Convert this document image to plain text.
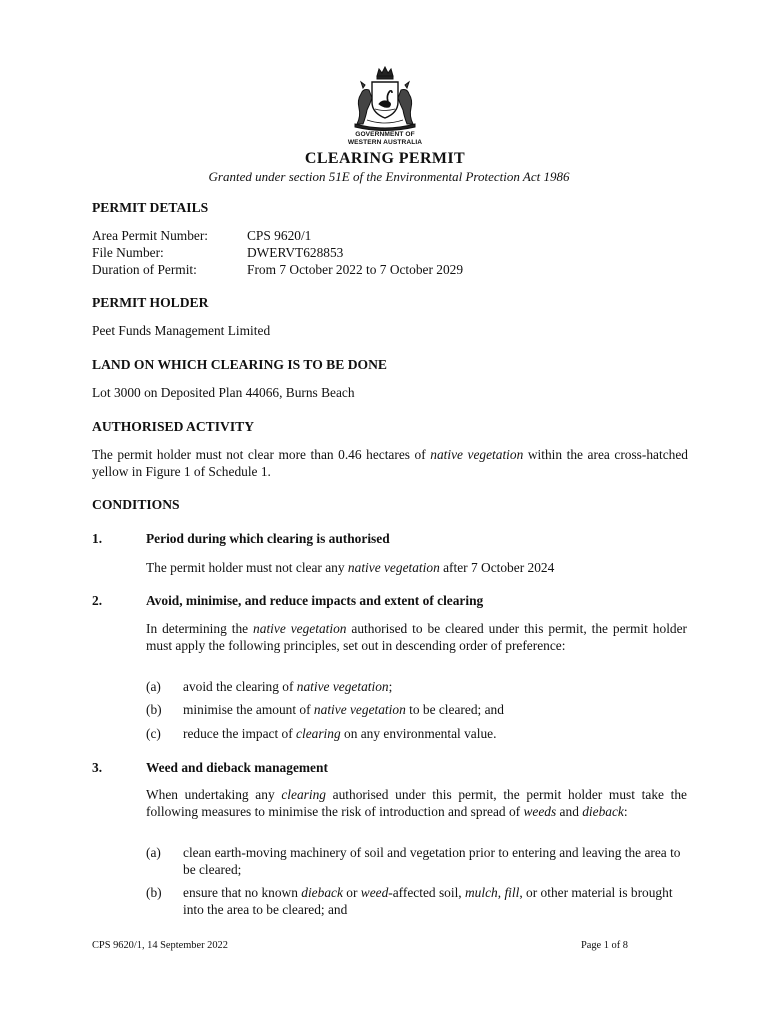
GOVERNMENT OF
WESTERN AUSTRALIA
CLEARING PERMIT
Granted under section 51E of the Environmental Protection Act 1986
PERMIT DETAILS
Area Permit Number:	CPS 9620/1
File Number:	DWERVT628853
Duration of Permit:	From 7 October 2022 to 7 October 2029
PERMIT HOLDER
Peet Funds Management Limited
LAND ON WHICH CLEARING IS TO BE DONE
Lot 3000 on Deposited Plan 44066, Burns Beach
AUTHORISED ACTIVITY
The permit holder must not clear more than 0.46 hectares of native vegetation within the area cross-hatched yellow in Figure 1 of Schedule 1.
CONDITIONS
1.	Period during which clearing is authorised
The permit holder must not clear any native vegetation after 7 October 2024
2.	Avoid, minimise, and reduce impacts and extent of clearing
In determining the native vegetation authorised to be cleared under this permit, the permit holder must apply the following principles, set out in descending order of preference:
(a) avoid the clearing of native vegetation;
(b) minimise the amount of native vegetation to be cleared; and
(c) reduce the impact of clearing on any environmental value.
3.	Weed and dieback management
When undertaking any clearing authorised under this permit, the permit holder must take the following measures to minimise the risk of introduction and spread of weeds and dieback:
(a) clean earth-moving machinery of soil and vegetation prior to entering and leaving the area to be cleared;
(b) ensure that no known dieback or weed-affected soil, mulch, fill, or other material is brought into the area to be cleared; and
CPS 9620/1, 14 September 2022	Page 1 of 8
